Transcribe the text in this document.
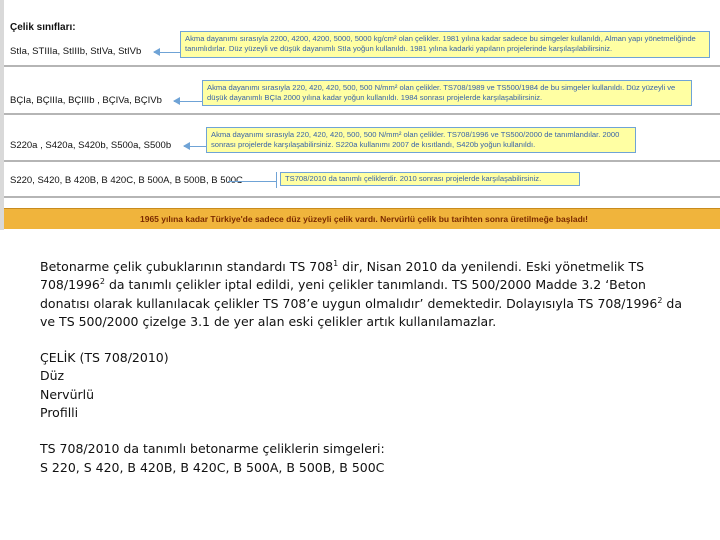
Çelik sınıfları:
StIa, STIIIa, StIIIb, StIVa, StIVb
Akma dayanımı sırasıyla 2200, 4200, 4200, 5000, 5000 kg/cm² olan çelikler. 1981 yılına kadar sadece bu simgeler kullanıldı, Alman yapı yönetmeliğinde tanımlıdırlar. Düz yüzeyli ve düşük dayanımlı StIa yoğun kullanıldı. 1981 yılına kadarki yapıların projelerinde karşılaşılabilirsiniz.
BÇIa, BÇIIIa, BÇIIIb , BÇIVa, BÇIVb
Akma dayanımı sırasıyla 220, 420, 420, 500, 500 N/mm² olan çelikler. TS708/1989 ve TS500/1984 de bu simgeler kullanıldı. Düz yüzeyli ve düşük dayanımlı BÇIa 2000 yılına kadar yoğun kullanıldı. 1984 sonrası projelerde karşılaşabilirsiniz.
S220a , S420a, S420b, S500a, S500b
Akma dayanımı sırasıyla 220, 420, 420, 500, 500 N/mm² olan çelikler. TS708/1996 ve TS500/2000 de tanımlandılar. 2000 sonrası projelerde karşılaşabilirsiniz. S220a kullanımı 2007 de kısıtlandı, S420b yoğun kullanıldı.
S220, S420, B 420B, B 420C, B 500A, B 500B, B 500C	TS708/2010 da tanımlı çeliklerdir. 2010 sonrası projelerde karşılaşabilirsiniz.
1965 yılına kadar Türkiye'de sadece düz yüzeyli çelik vardı. Nervürlü çelik bu tarihten sonra üretilmeğe başladı!

Betonarme çelik çubuklarının standardı TS $708^1$ dir, Nisan 2010 da yenilendi. Eski yönetmelik TS 708/1996$^2$ da tanımlı çelikler iptal edildi, yeni çelikler tanımlandı. TS 500/2000 Madde 3.2 ‘Beton donatısı olarak kullanılacak çelikler TS 708’e uygun olmalıdır’ demektedir. Dolayısıyla TS 708/1996$^2$ da ve TS 500/2000 çizelge 3.1 de yer alan eski çelikler artık kullanılamazlar.

ÇELİK (TS 708/2010)

Düz

Nervürlü

Profilli

TS 708/2010 da tanımlı betonarme çeliklerin simgeleri:

S 220, S 420, B 420B, B 420C, B 500A, B 500B, B 500C
